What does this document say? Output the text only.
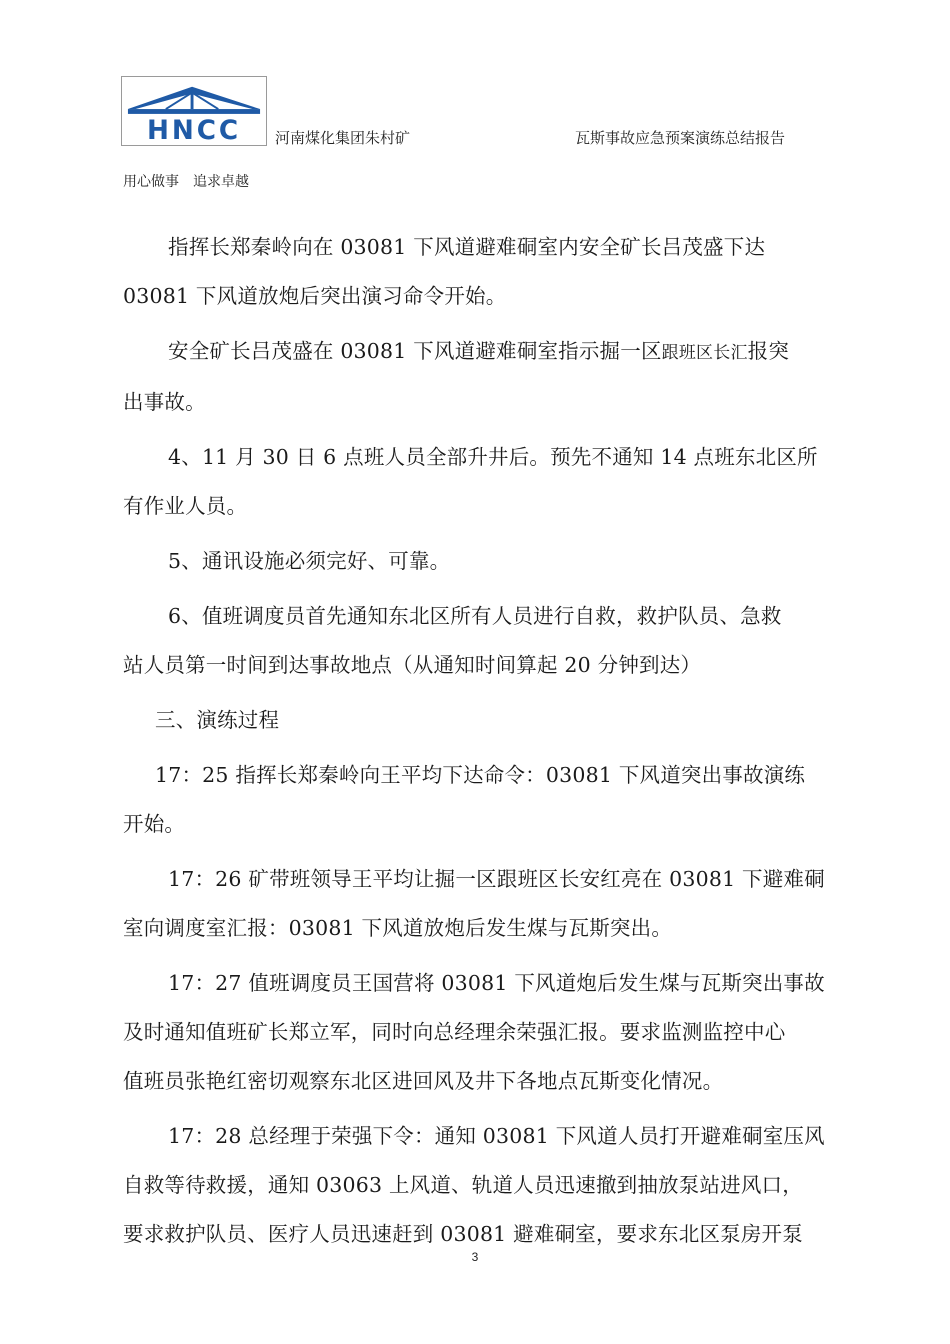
HNCC 河南煤化集团朱村矿	瓦斯事故应急预案演练总结报告
用心做事 追求卓越

指挥长郑秦岭向在 03081 下风道避难硐室内安全矿长吕茂盛下达
03081 下风道放炮后突出演习命令开始。

安全矿长吕茂盛在 03081 下风道避难硐室指示掘一区跟班区长汇报突
出事故。

4、11 月 30 日 6 点班人员全部升井后。预先不通知 14 点班东北区所
有作业人员。

5、通讯设施必须完好、可靠。

6、值班调度员首先通知东北区所有人员进行自救，救护队员、急救
站人员第一时间到达事故地点（从通知时间算起 20 分钟到达）

三、演练过程

17：25 指挥长郑秦岭向王平均下达命令：03081 下风道突出事故演练
开始。

17：26 矿带班领导王平均让掘一区跟班区长安红亮在 03081 下避难硐
室向调度室汇报：03081 下风道放炮后发生煤与瓦斯突出。

17：27 值班调度员王国营将 03081 下风道炮后发生煤与瓦斯突出事故
及时通知值班矿长郑立军，同时向总经理余荣强汇报。要求监测监控中心
值班员张艳红密切观察东北区进回风及井下各地点瓦斯变化情况。

17：28 总经理于荣强下令：通知 03081 下风道人员打开避难硐室压风
自救等待救援，通知 03063 上风道、轨道人员迅速撤到抽放泵站进风口，
要求救护队员、医疗人员迅速赶到 03081 避难硐室，要求东北区泵房开泵

3
